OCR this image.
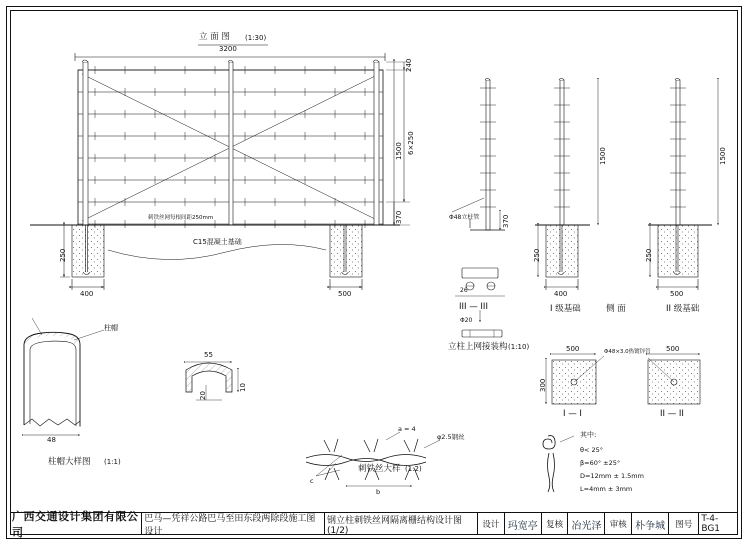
立 面 图 (1:30)
3200
1500 6×250
240
370
250
400	500
C15混凝土基础
刺铁丝网每根间距250mm	Φ48立柱管	370
III — III
Φ20
立柱上网接装构 (1:10)
I 级基础	II 级基础
侧 面
250	250
400	500
1500	1500
500	500
300
Φ48×3.0热镀锌管
I — I	II — II
柱帽
48
柱帽大样图 (1:1)
55
10
20
26
a = 4
φ2.5钢丝
b
c
刺铁丝大样 (1:2)
其中:
θ< 25°
β=60° ±25°
D=12mm ± 1.5mm
L=4mm ± 3mm
广西交通设计集团有限公司
巴马—凭祥公路巴马至田东段两除段施工图设计
钢立柱刺铁丝网隔离栅结构设计图(1/2)
设计 玛宽亭 复核 冶光泽 审核 朴争城	图号
T-4-BG1
